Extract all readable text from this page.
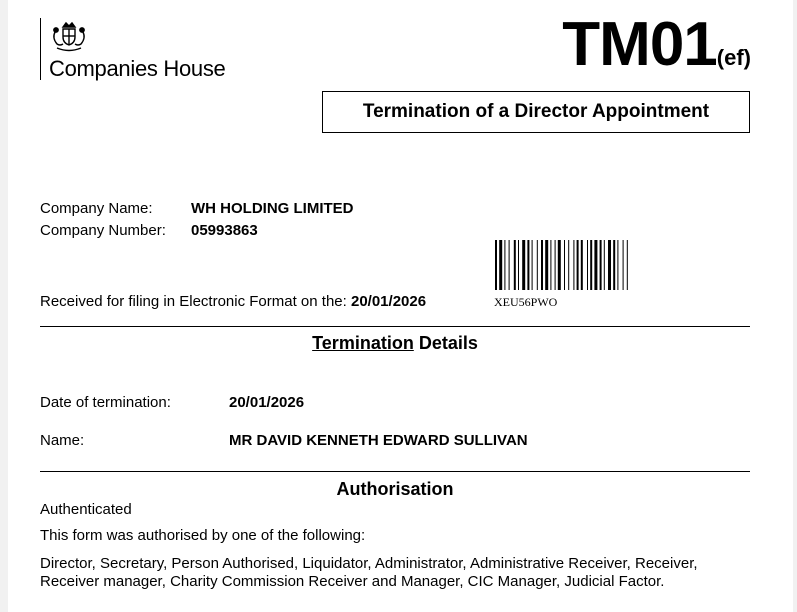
Companies House	TM01(ef)
Termination of a Director Appointment
Company Name:	WH HOLDING LIMITED
Company Number: 05993863
XEU56PWO
Received for filing in Electronic Format on the: 20/01/2026
Termination Details
Date of termination:	20/01/2026
Name:	MR DAVID KENNETH EDWARD SULLIVAN
Authorisation
Authenticated
This form was authorised by one of the following:
Director, Secretary, Person Authorised, Liquidator, Administrator, Administrative Receiver, Receiver,
Receiver manager, Charity Commission Receiver and Manager, CIC Manager, Judicial Factor.
